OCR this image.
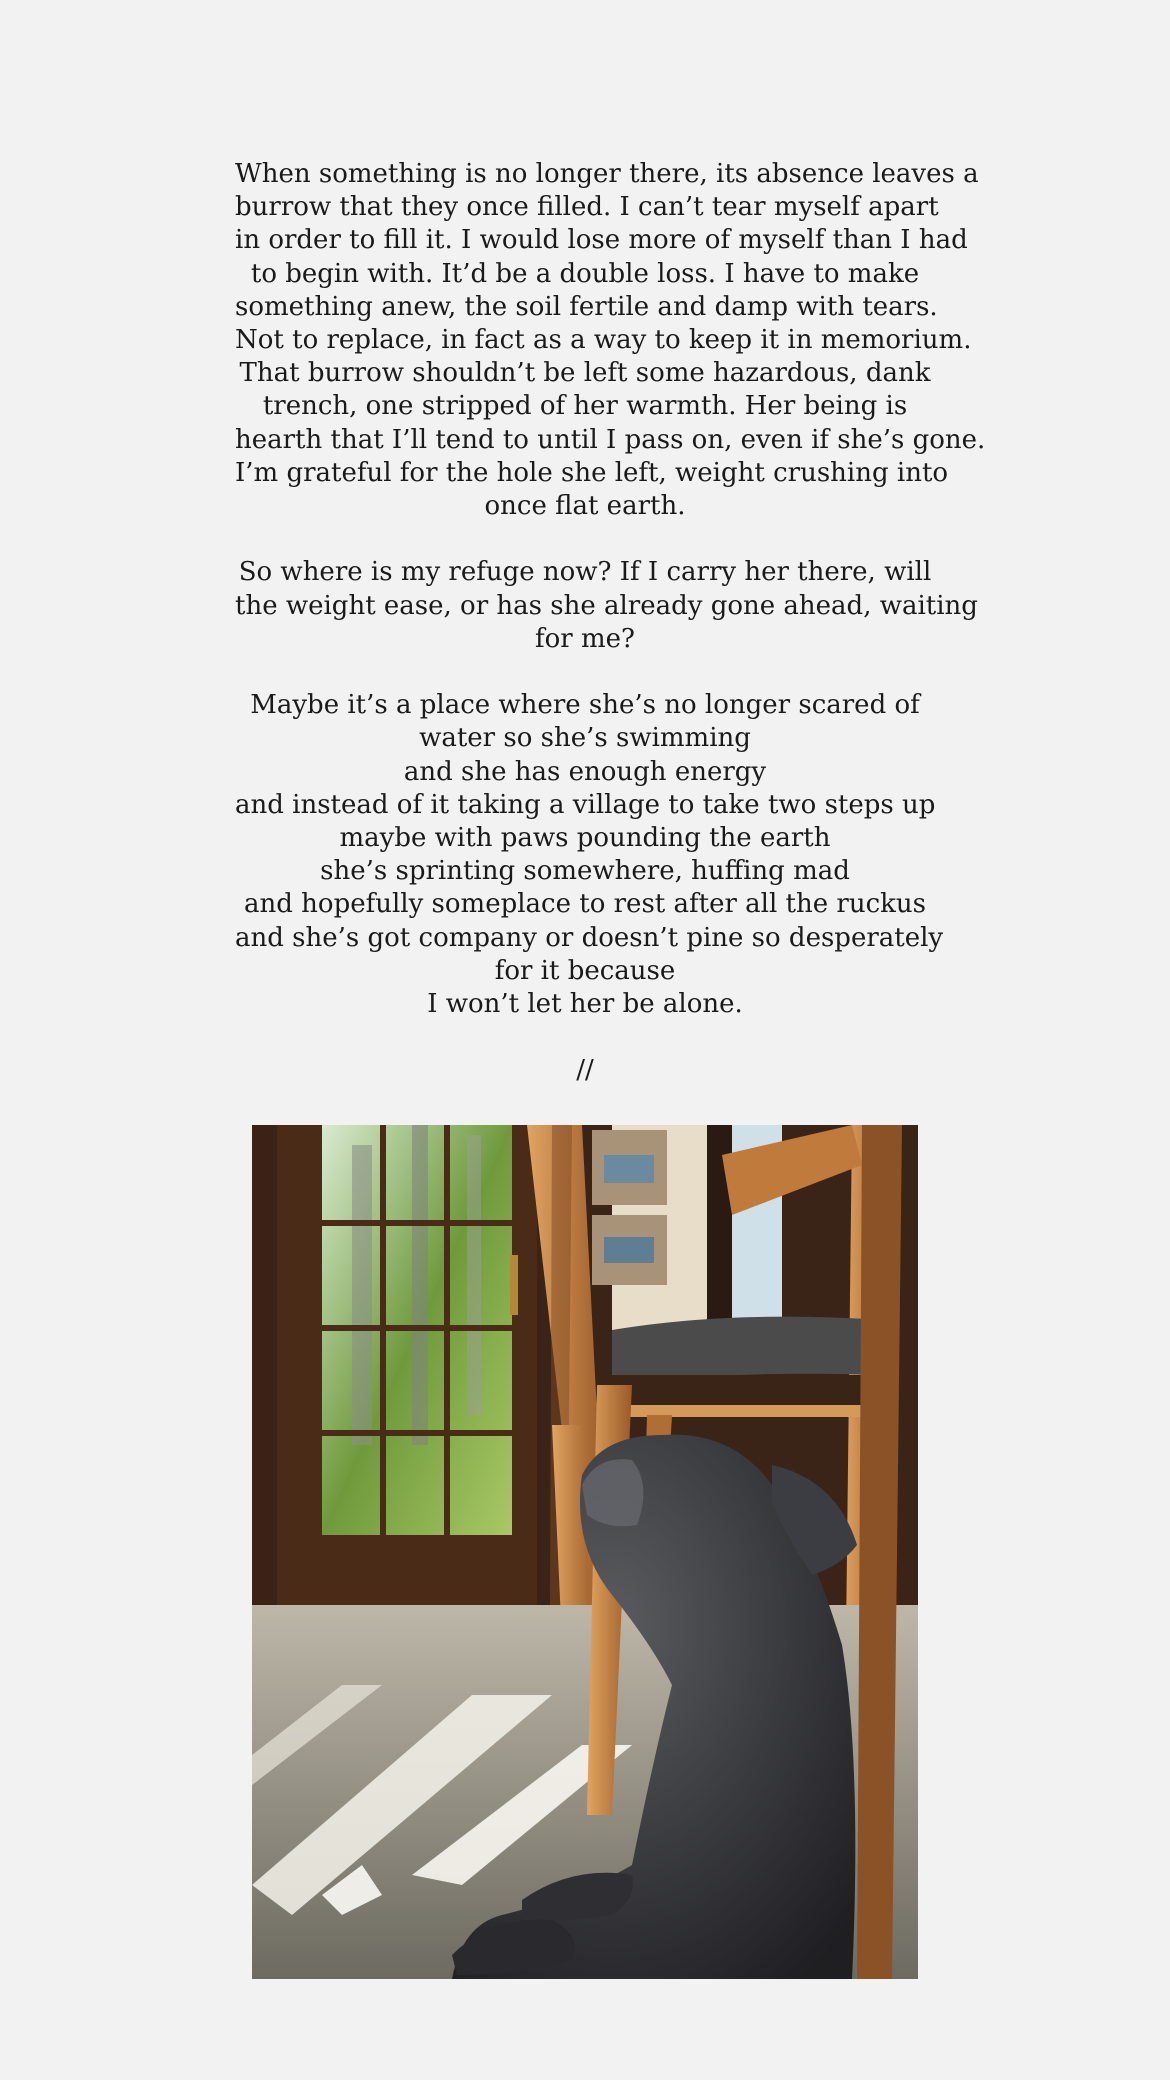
When something is no longer there, its absence leaves a
burrow that they once filled. I can’t tear myself apart
in order to fill it. I would lose more of myself than I had
to begin with. It’d be a double loss. I have to make
something anew, the soil fertile and damp with tears.
Not to replace, in fact as a way to keep it in memorium.
That burrow shouldn’t be left some hazardous, dank
trench, one stripped of her warmth. Her being is
hearth that I’ll tend to until I pass on, even if she’s gone.
I’m grateful for the hole she left, weight crushing into
once flat earth.

So where is my refuge now? If I carry her there, will
the weight ease, or has she already gone ahead, waiting
for me?

Maybe it’s a place where she’s no longer scared of
water so she’s swimming
and she has enough energy
and instead of it taking a village to take two steps up
maybe with paws pounding the earth
she’s sprinting somewhere, huffing mad
and hopefully someplace to rest after all the ruckus
and she’s got company or doesn’t pine so desperately
for it because
I won’t let her be alone.

//
